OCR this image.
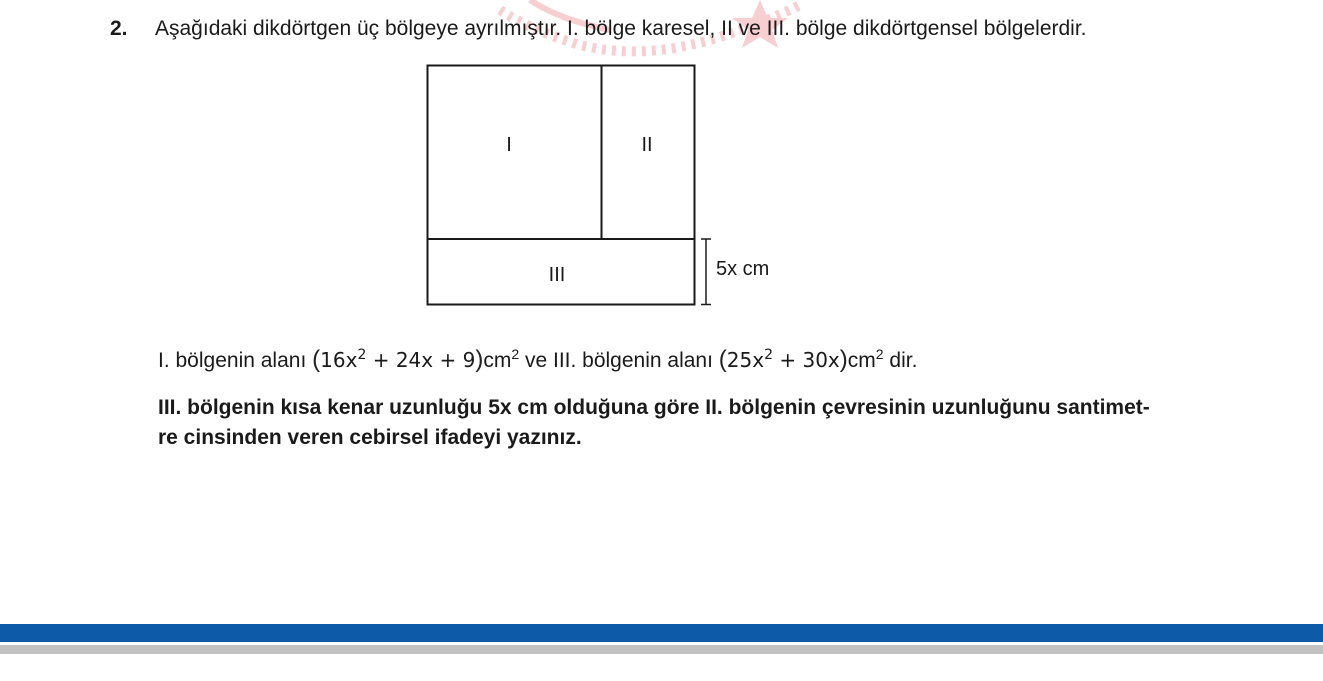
2. Aşağıdaki dikdörtgen üç bölgeye ayrılmıştır. I. bölge karesel, II ve III. bölge dikdörtgensel bölgelerdir.
I	II
III	5x cm
I. bölgenin alanı $(16x^2 + 24x + 9)cm^2$ ve III. bölgenin alanı $(25x^2 + 30x)cm^2$ dir.
III. bölgenin kısa kenar uzunluğu 5x cm olduğuna göre II. bölgenin çevresinin uzunluğunu santimet-
re cinsinden veren cebirsel ifadeyi yazınız.
